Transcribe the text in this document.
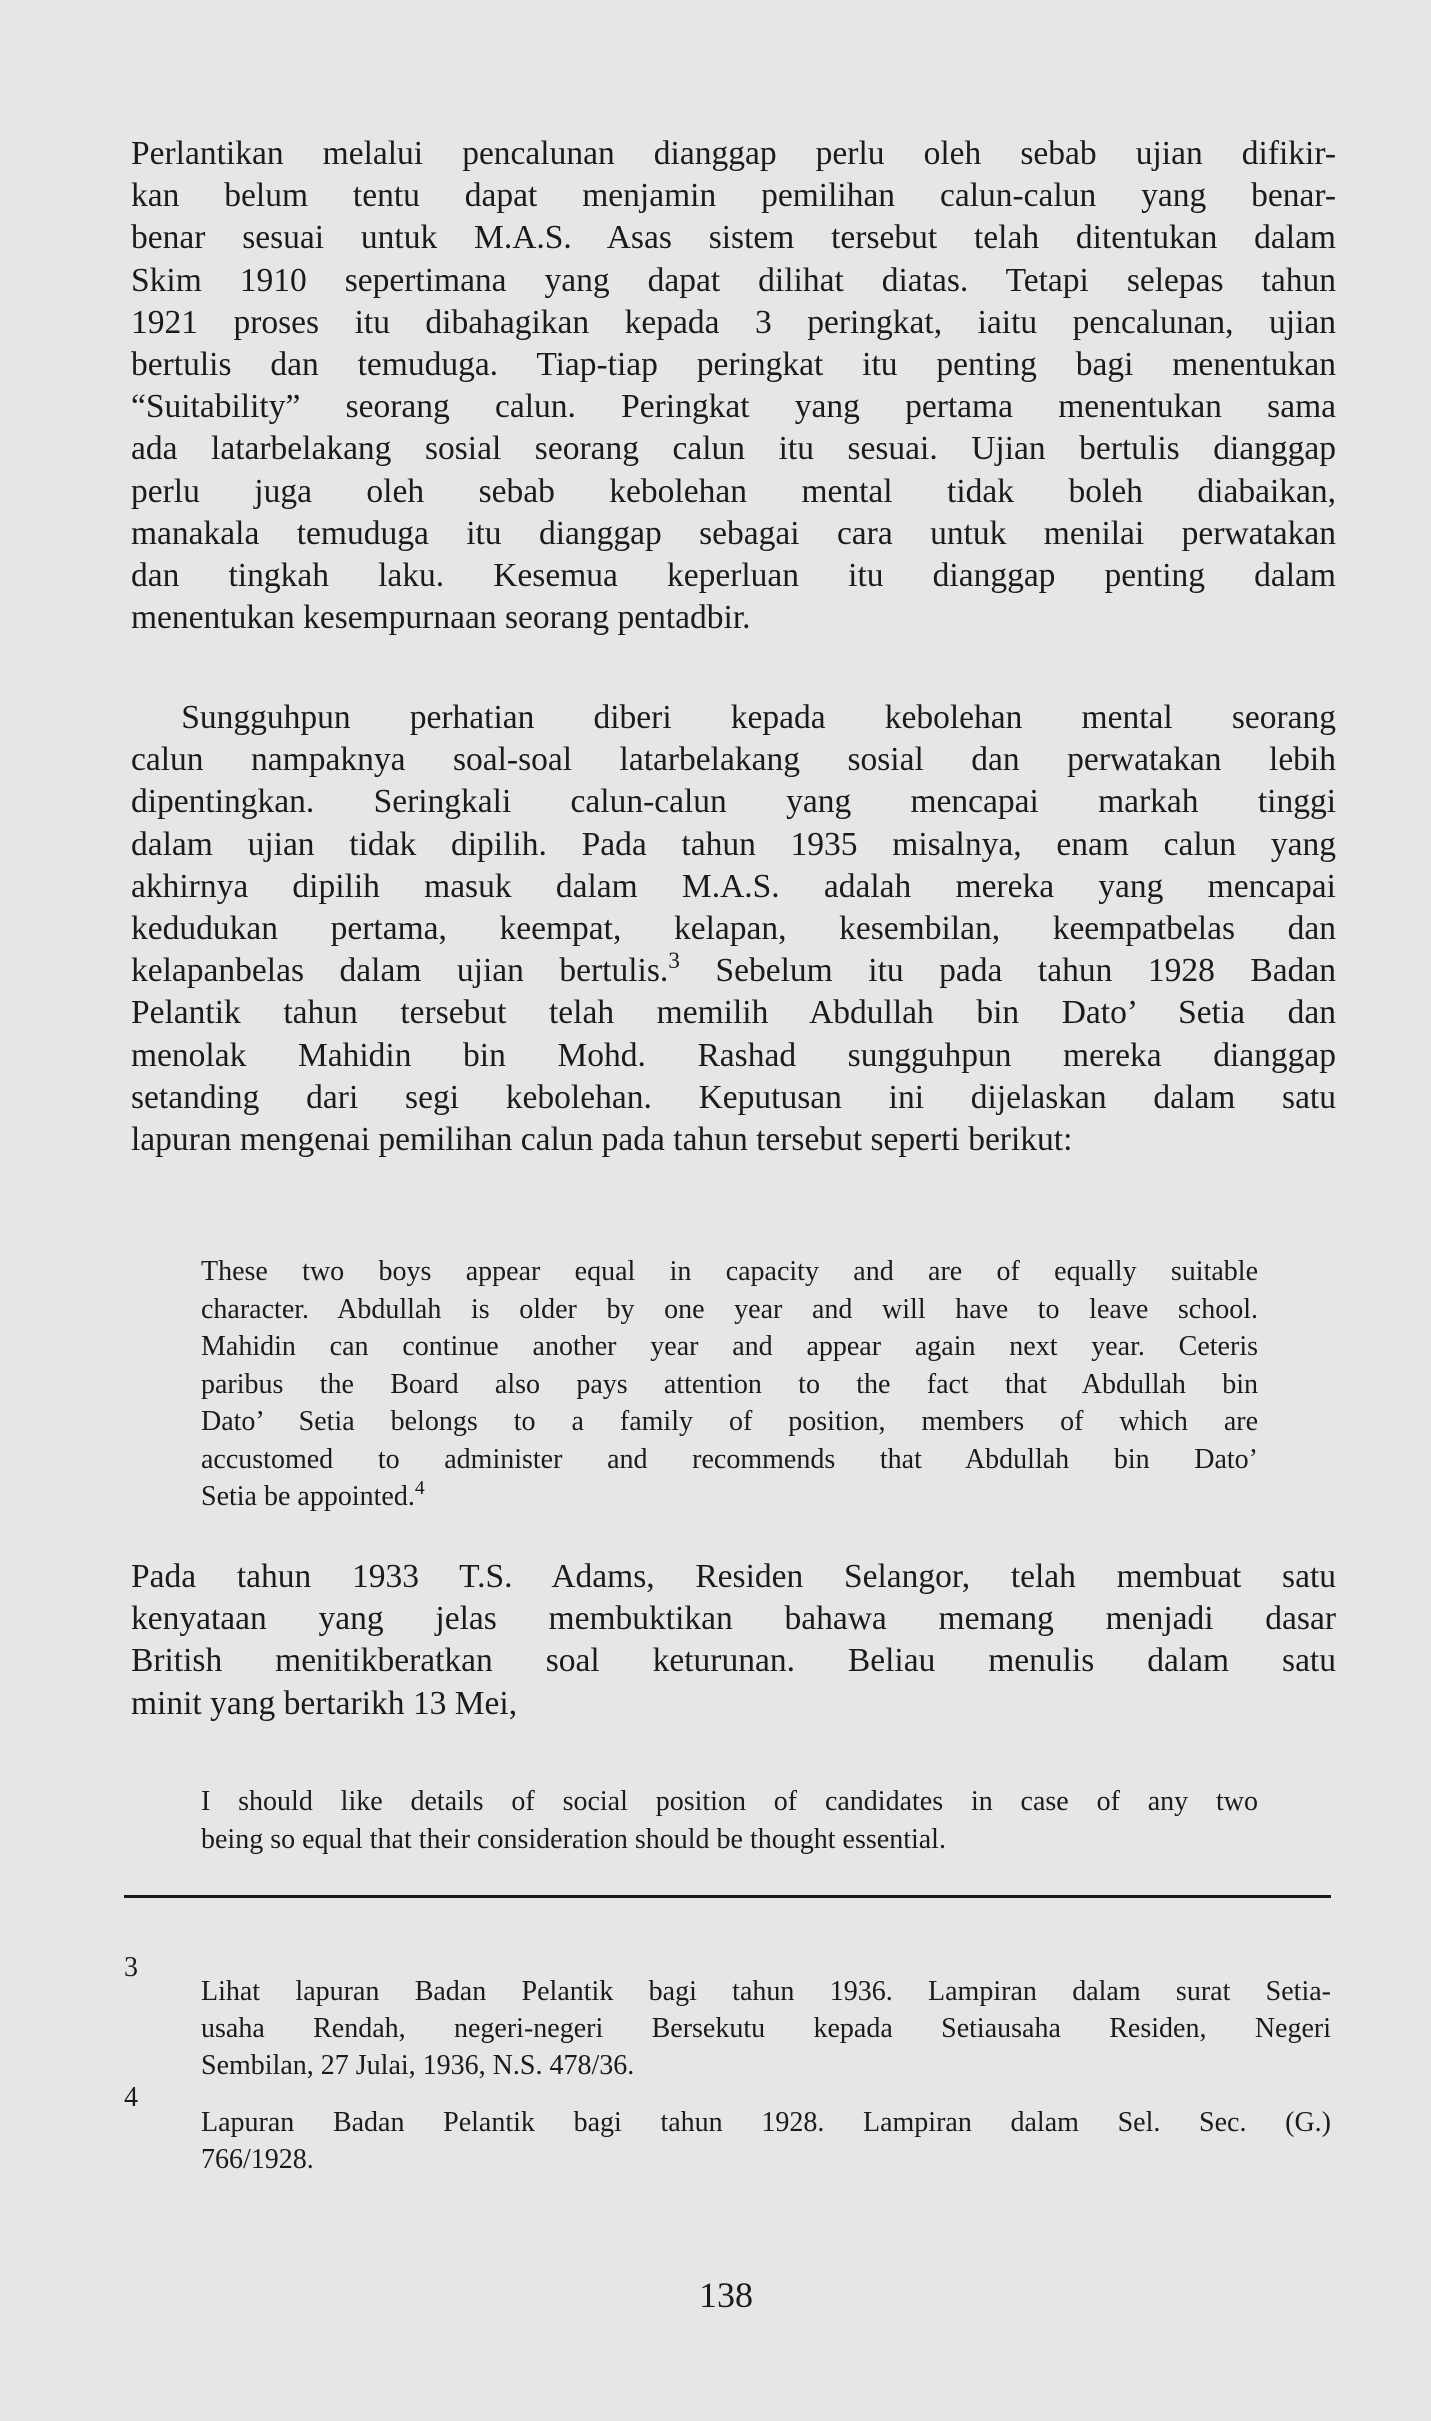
Perlantikan melalui pencalunan dianggap perlu oleh sebab ujian difikir-
kan belum tentu dapat menjamin pemilihan calun-calun yang benar-
benar sesuai untuk M.A.S. Asas sistem tersebut telah ditentukan dalam
Skim 1910 sepertimana yang dapat dilihat diatas. Tetapi selepas tahun
1921 proses itu dibahagikan kepada 3 peringkat, iaitu pencalunan, ujian
bertulis dan temuduga. Tiap-tiap peringkat itu penting bagi menentukan
“Suitability” seorang calun. Peringkat yang pertama menentukan sama
ada latarbelakang sosial seorang calun itu sesuai. Ujian bertulis dianggap
perlu juga oleh sebab kebolehan mental tidak boleh diabaikan,
manakala temuduga itu dianggap sebagai cara untuk menilai perwatakan
dan tingkah laku. Kesemua keperluan itu dianggap penting dalam
menentukan kesempurnaan seorang pentadbir.
  Sungguhpun perhatian diberi kepada kebolehan mental seorang
calun nampaknya soal-soal latarbelakang sosial dan perwatakan lebih
dipentingkan. Seringkali calun-calun yang mencapai markah tinggi
dalam ujian tidak dipilih. Pada tahun 1935 misalnya, enam calun yang
akhirnya dipilih masuk dalam M.A.S. adalah mereka yang mencapai
kedudukan pertama, keempat, kelapan, kesembilan, keempatbelas dan
kelapanbelas dalam ujian bertulis.$^3$ Sebelum itu pada tahun 1928 Badan
Pelantik tahun tersebut telah memilih Abdullah bin Dato’ Setia dan
menolak Mahidin bin Mohd. Rashad sungguhpun mereka dianggap
setanding dari segi kebolehan. Keputusan ini dijelaskan dalam satu
lapuran mengenai pemilihan calun pada tahun tersebut seperti berikut:
These two boys appear equal in capacity and are of equally suitable
character. Abdullah is older by one year and will have to leave school.
Mahidin can continue another year and appear again next year. Ceteris
paribus the Board also pays attention to the fact that Abdullah bin
Dato’ Setia belongs to a family of position, members of which are
accustomed to administer and recommends that Abdullah bin Dato’
Setia be appointed.$^4$
Pada tahun 1933 T.S. Adams, Residen Selangor, telah membuat satu
kenyataan yang jelas membuktikan bahawa memang menjadi dasar
British menitikberatkan soal keturunan. Beliau menulis dalam satu
minit yang bertarikh 13 Mei,
I should like details of social position of candidates in case of any two
being so equal that their consideration should be thought essential.
3
Lihat lapuran Badan Pelantik bagi tahun 1936. Lampiran dalam surat Setia-
usaha Rendah, negeri-negeri Bersekutu kepada Setiausaha Residen, Negeri
Sembilan, 27 Julai, 1936, N.S. 478/36.
4
Lapuran Badan Pelantik bagi tahun 1928. Lampiran dalam Sel. Sec. (G.)
766/1928.
138
